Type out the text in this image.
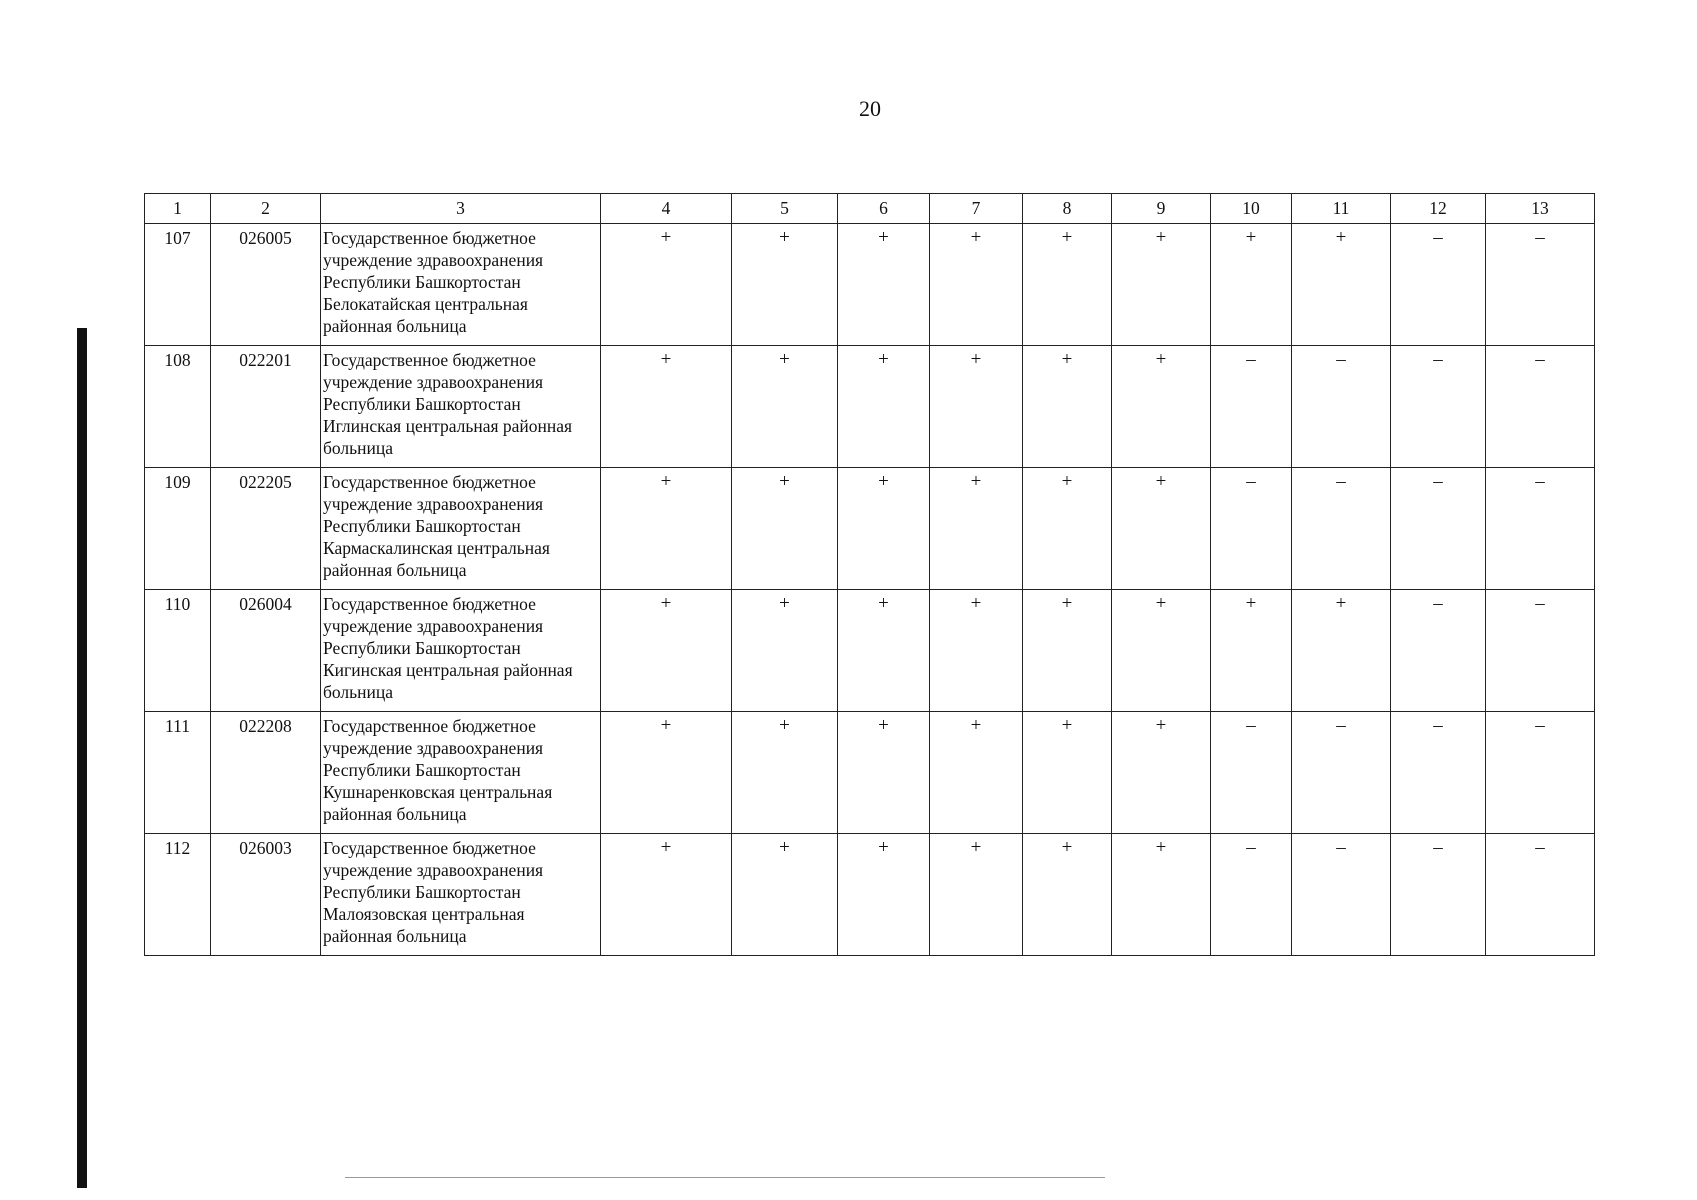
20
1	2	3	4	5	6	7	8	9	10	11	12	13
107	026005	Государственное бюджетное учреждение здравоохранения Республики Башкортостан Белокатайская центральная районная больница	+	+	+	+	+	+	+	+	–	–
108	022201	Государственное бюджетное учреждение здравоохранения Республики Башкортостан Иглинская центральная районная больница	+	+	+	+	+	+	–	–	–	–
109	022205	Государственное бюджетное учреждение здравоохранения Республики Башкортостан Кармаскалинская центральная районная больница	+	+	+	+	+	+	–	–	–	–
110	026004	Государственное бюджетное учреждение здравоохранения Республики Башкортостан Кигинская центральная районная больница	+	+	+	+	+	+	+	+	–	–
111	022208	Государственное бюджетное учреждение здравоохранения Республики Башкортостан Кушнаренковская центральная районная больница	+	+	+	+	+	+	–	–	–	–
112	026003	Государственное бюджетное учреждение здравоохранения Республики Башкортостан Малоязовская центральная районная больница	+	+	+	+	+	+	–	–	–	–
